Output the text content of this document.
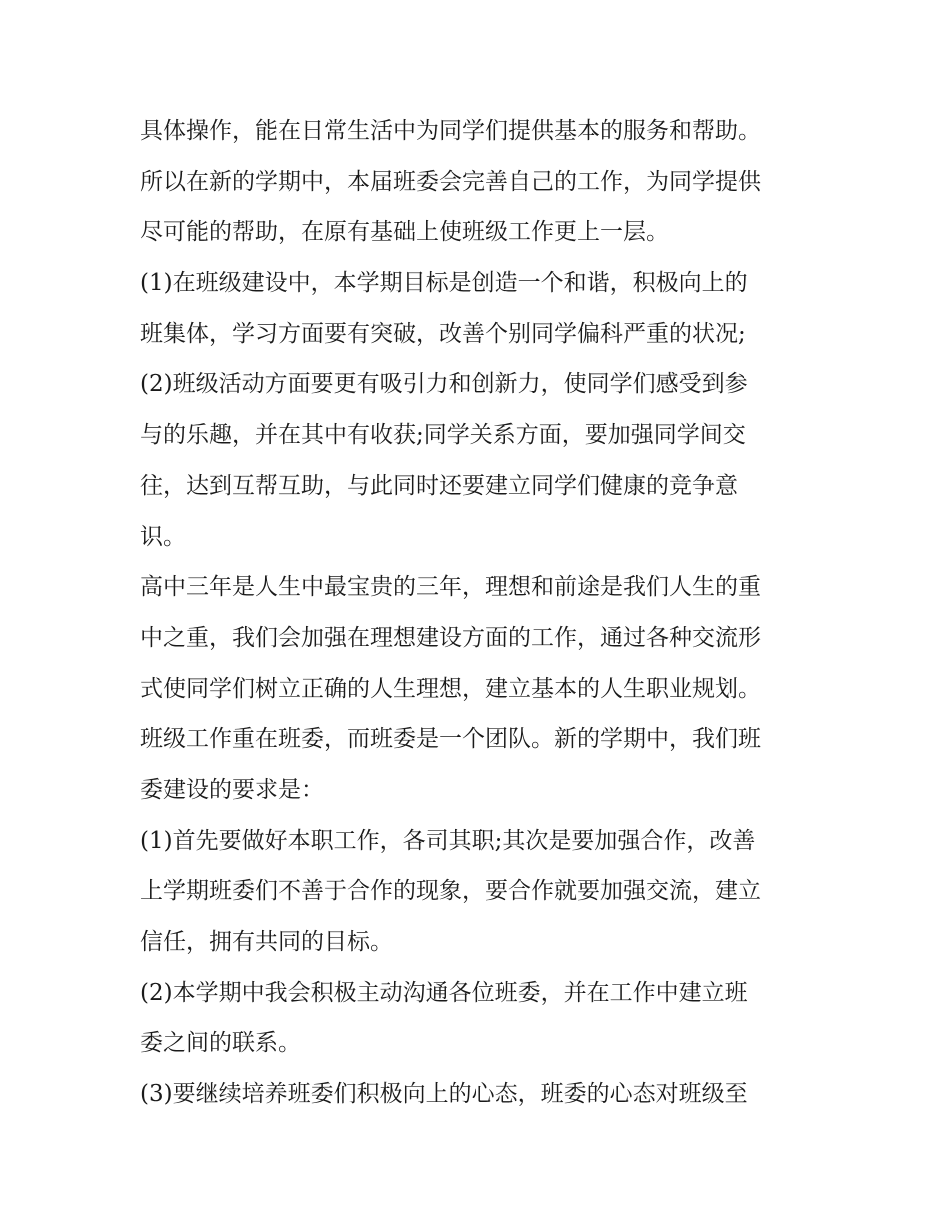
具体操作，能在日常生活中为同学们提供基本的服务和帮助。
所以在新的学期中，本届班委会完善自己的工作，为同学提供
尽可能的帮助，在原有基础上使班级工作更上一层。
(1)在班级建设中，本学期目标是创造一个和谐，积极向上的
班集体，学习方面要有突破，改善个别同学偏科严重的状况;
(2)班级活动方面要更有吸引力和创新力，使同学们感受到参
与的乐趣，并在其中有收获;同学关系方面，要加强同学间交
往，达到互帮互助，与此同时还要建立同学们健康的竞争意
识。
高中三年是人生中最宝贵的三年，理想和前途是我们人生的重
中之重，我们会加强在理想建设方面的工作，通过各种交流形
式使同学们树立正确的人生理想，建立基本的人生职业规划。
班级工作重在班委，而班委是一个团队。新的学期中，我们班
委建设的要求是：
(1)首先要做好本职工作，各司其职;其次是要加强合作，改善
上学期班委们不善于合作的现象，要合作就要加强交流，建立
信任，拥有共同的目标。
(2)本学期中我会积极主动沟通各位班委，并在工作中建立班
委之间的联系。
(3)要继续培养班委们积极向上的心态，班委的心态对班级至
